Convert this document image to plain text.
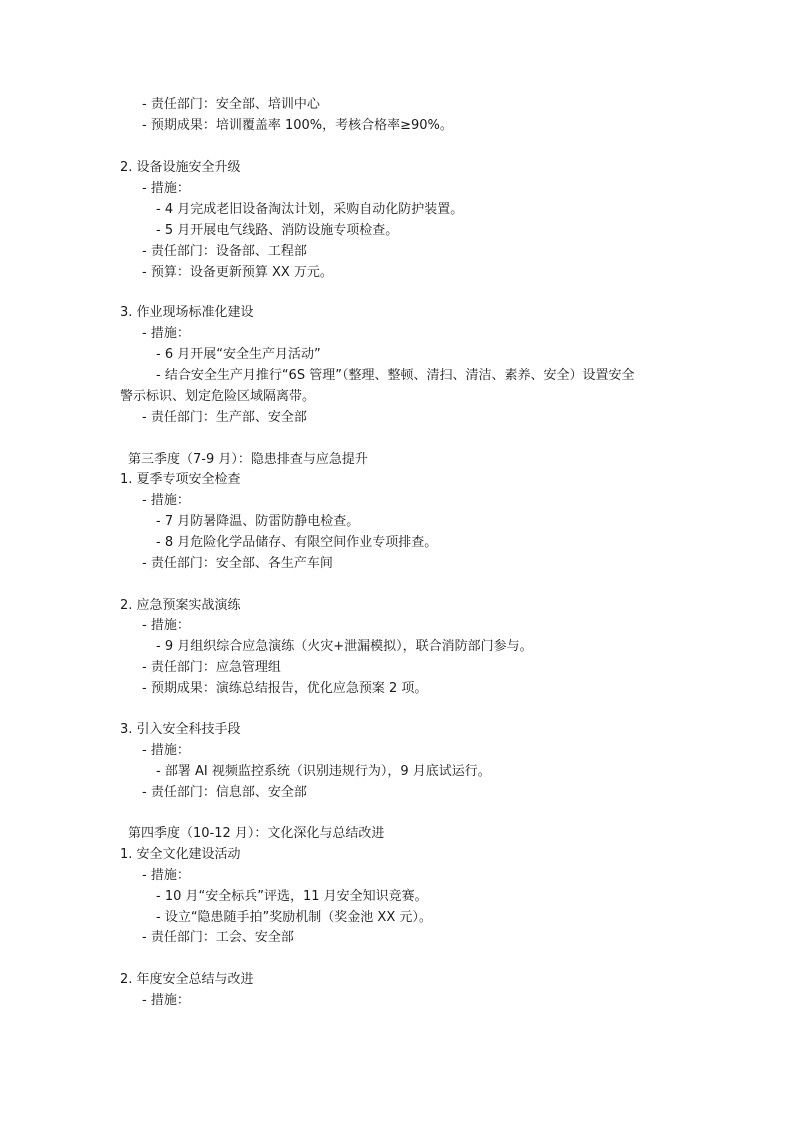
- 责任部门：安全部、培训中心
- 预期成果：培训覆盖率 100%，考核合格率≥90%。
2. 设备设施安全升级
- 措施：
- 4 月完成老旧设备淘汰计划，采购自动化防护装置。
- 5 月开展电气线路、消防设施专项检查。
- 责任部门：设备部、工程部
- 预算：设备更新预算 XX 万元。
3. 作业现场标准化建设
- 措施：
- 6 月开展“安全生产月活动”
- 结合安全生产月推行“6S 管理”（整理、整顿、清扫、清洁、素养、安全）设置安全
警示标识、划定危险区域隔离带。
- 责任部门：生产部、安全部
第三季度（7-9 月）：隐患排查与应急提升
1. 夏季专项安全检查
- 措施：
- 7 月防暑降温、防雷防静电检查。
- 8 月危险化学品储存、有限空间作业专项排查。
- 责任部门：安全部、各生产车间
2. 应急预案实战演练
- 措施：
- 9 月组织综合应急演练（火灾+泄漏模拟），联合消防部门参与。
- 责任部门：应急管理组
- 预期成果：演练总结报告，优化应急预案 2 项。
3. 引入安全科技手段
- 措施：
- 部署 AI 视频监控系统（识别违规行为），9 月底试运行。
- 责任部门：信息部、安全部
第四季度（10-12 月）：文化深化与总结改进
1. 安全文化建设活动
- 措施：
- 10 月“安全标兵”评选，11 月安全知识竞赛。
- 设立“隐患随手拍”奖励机制（奖金池 XX 元）。
- 责任部门：工会、安全部
2. 年度安全总结与改进
- 措施：
